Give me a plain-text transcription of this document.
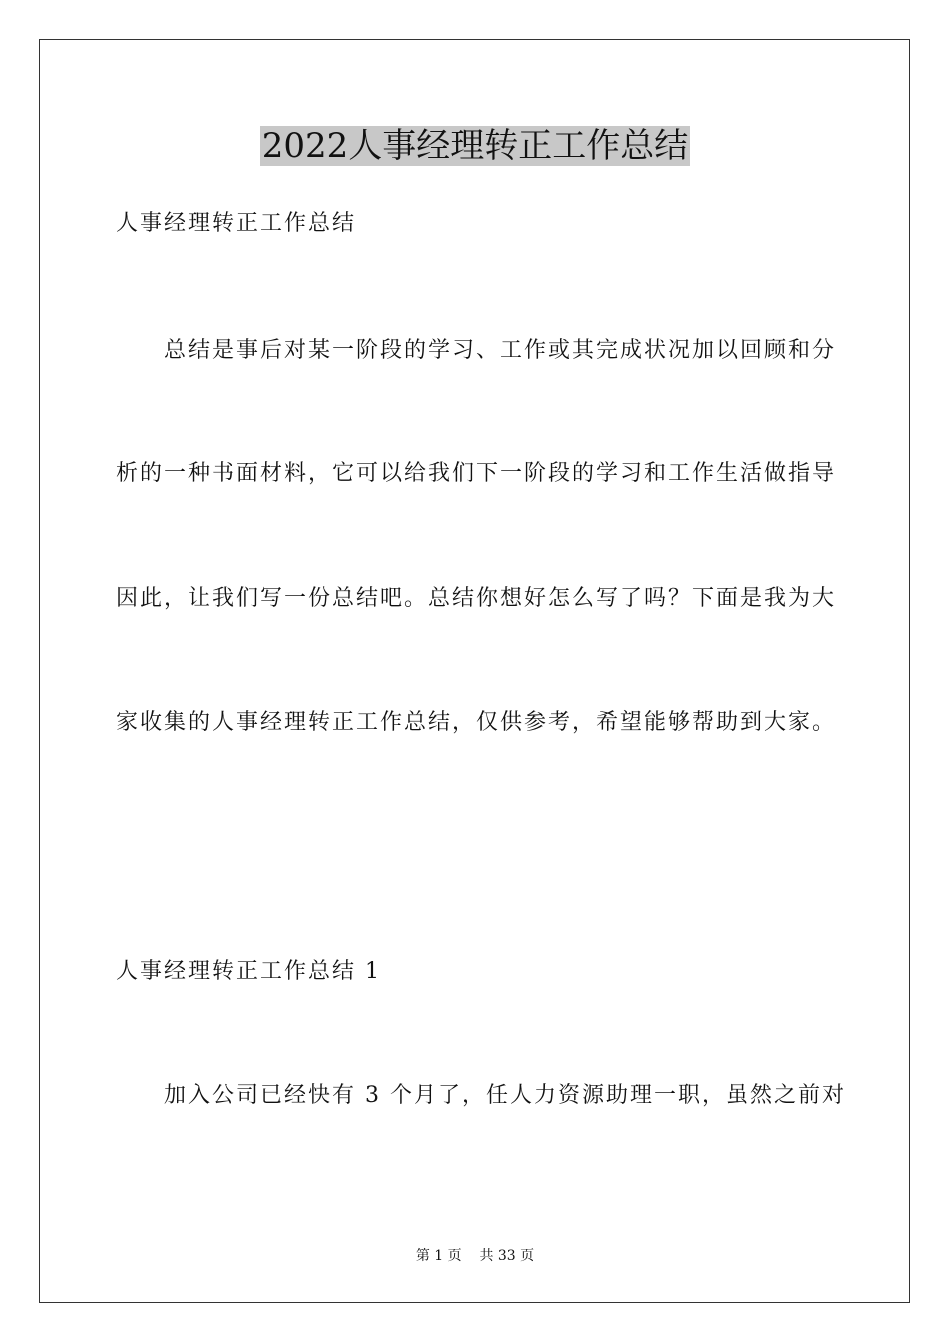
2022人事经理转正工作总结

人事经理转正工作总结

总结是事后对某一阶段的学习、工作或其完成状况加以回顾和分

析的一种书面材料，它可以给我们下一阶段的学习和工作生活做指导

因此，让我们写一份总结吧。总结你想好怎么写了吗？下面是我为大

家收集的人事经理转正工作总结，仅供参考，希望能够帮助到大家。

人事经理转正工作总结 1

加入公司已经快有 3 个月了，任人力资源助理一职，虽然之前对

第 1 页 共 33 页
